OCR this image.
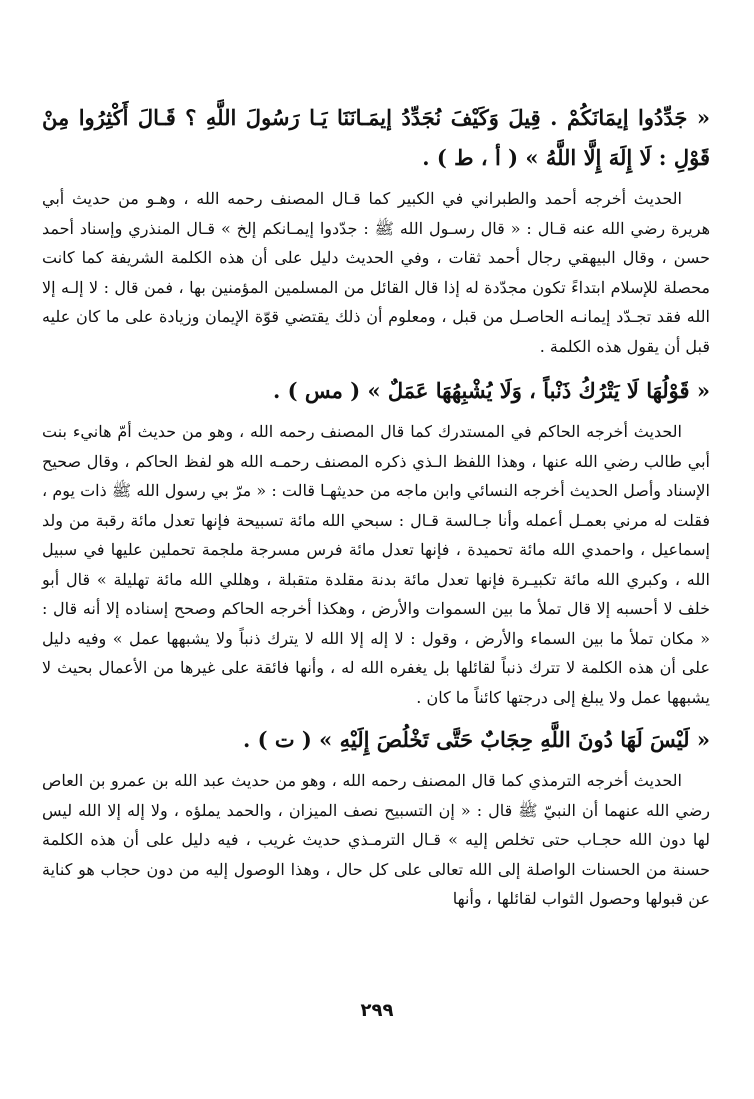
« جَدِّدُوا إيمَانَكُمْ . قِيلَ وَكَيْفَ نُجَدِّدُ إيمَـانَنَا يَـا رَسُولَ اللَّهِ ؟ قَـالَ أَكْثِرُوا مِنْ قَوْلِ : لَا إِلَهَ إِلَّا اللَّهُ » ( أ ، ط ) .

الحديث أخرجه أحمد والطبراني في الكبير كما قـال المصنف رحمه الله ، وهـو من حديث أبي هريرة رضي الله عنه قـال : « قال رسـول الله ﷺ : جدّدوا إيمـانكم إلخ » قـال المنذري وإسناد أحمد حسن ، وقال البيهقي رجال أحمد ثقات ، وفي الحديث دليل على أن هذه الكلمة الشريفة كما كانت محصلة للإسلام ابتداءً تكون مجدّدة له إذا قال القائل من المسلمين المؤمنين بها ، فمن قال : لا إلـه إلا الله فقد تجـدّد إيمانـه الحاصـل من قبل ، ومعلوم أن ذلك يقتضي قوّة الإيمان وزيادة على ما كان عليه قبل أن يقول هذه الكلمة .

« قَوْلُهَا لَا يَتْرُكُ ذَنْباً ، وَلَا يُشْبِهُهَا عَمَلٌ » ( مس ) .

الحديث أخرجه الحاكم في المستدرك كما قال المصنف رحمه الله ، وهو من حديث أمّ هانيء بنت أبي طالب رضي الله عنها ، وهذا اللفظ الـذي ذكره المصنف رحمـه الله هو لفظ الحاكم ، وقال صحيح الإسناد وأصل الحديث أخرجه النسائي وابن ماجه من حديثهـا قالت : « مرّ بي رسول الله ﷺ ذات يوم ، فقلت له مرني بعمـل أعمله وأنا جـالسة قـال : سبحي الله مائة تسبيحة فإنها تعدل مائة رقبة من ولد إسماعيل ، واحمدي الله مائة تحميدة ، فإنها تعدل مائة فرس مسرجة ملجمة تحملين عليها في سبيل الله ، وكبري الله مائة تكبيـرة فإنها تعدل مائة بدنة مقلدة متقبلة ، وهللي الله مائة تهليلة » قال أبو خلف لا أحسبه إلا قال تملأ ما بين السموات والأرض ، وهكذا أخرجه الحاكم وصحح إسناده إلا أنه قال : « مكان تملأ ما بين السماء والأرض ، وقول : لا إله إلا الله لا يترك ذنباً ولا يشبهها عمل » وفيه دليل على أن هذه الكلمة لا تترك ذنباً لقائلها بل يغفره الله له ، وأنها فائقة على غيرها من الأعمال بحيث لا يشبهها عمل ولا يبلغ إلى درجتها كائناً ما كان .

« لَيْسَ لَهَا دُونَ اللَّهِ حِجَابٌ حَتَّى تَخْلُصَ إِلَيْهِ » ( ت ) .

الحديث أخرجه الترمذي كما قال المصنف رحمه الله ، وهو من حديث عبد الله بن عمرو بن العاص رضي الله عنهما أن النبيّ ﷺ قال : « إن التسبيح نصف الميزان ، والحمد يملؤه ، ولا إله إلا الله ليس لها دون الله حجـاب حتى تخلص إليه » قـال الترمـذي حديث غريب ، فيه دليل على أن هذه الكلمة حسنة من الحسنات الواصلة إلى الله تعالى على كل حال ، وهذا الوصول إليه من دون حجاب هو كناية عن قبولها وحصول الثواب لقائلها ، وأنها

٢٩٩
